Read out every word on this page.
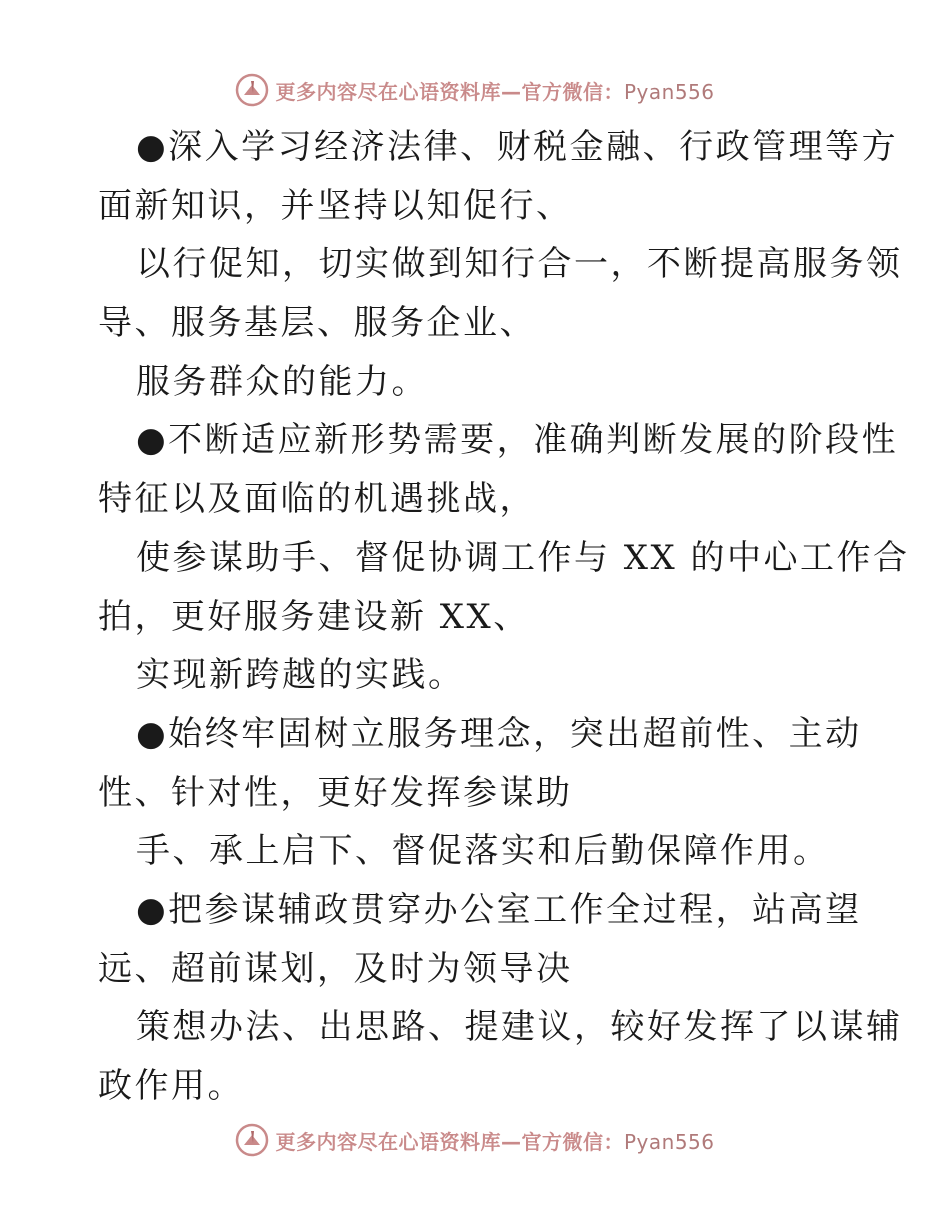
更多内容尽在心语资料库—官方微信：Pyan556
●深入学习经济法律、财税金融、行政管理等方
面新知识，并坚持以知促行、
以行促知，切实做到知行合一，不断提高服务领
导、服务基层、服务企业、
服务群众的能力。
●不断适应新形势需要，准确判断发展的阶段性
特征以及面临的机遇挑战，
使参谋助手、督促协调工作与 XX 的中心工作合
拍，更好服务建设新 XX、
实现新跨越的实践。
●始终牢固树立服务理念，突出超前性、主动
性、针对性，更好发挥参谋助
手、承上启下、督促落实和后勤保障作用。
●把参谋辅政贯穿办公室工作全过程，站高望
远、超前谋划，及时为领导决
策想办法、出思路、提建议，较好发挥了以谋辅
政作用。
更多内容尽在心语资料库—官方微信：Pyan556
